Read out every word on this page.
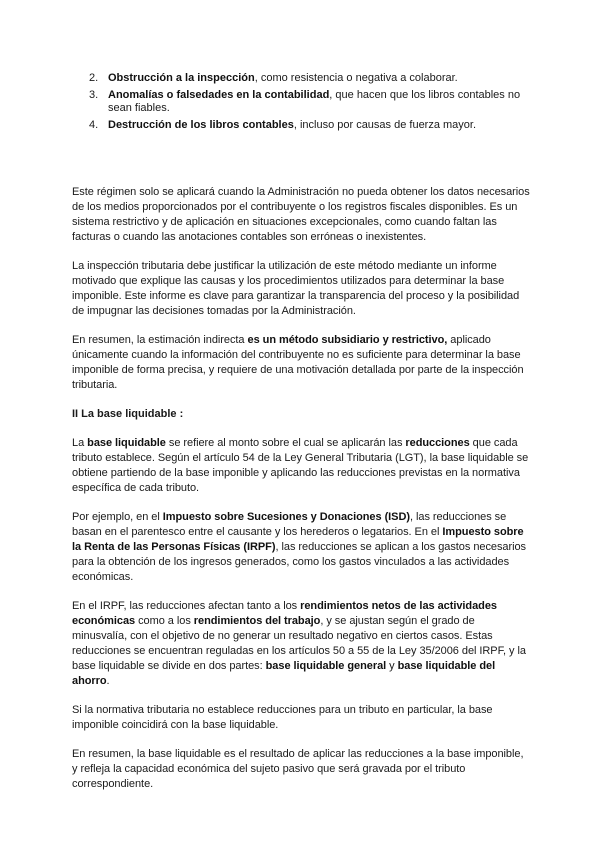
2. Obstrucción a la inspección, como resistencia o negativa a colaborar.
3. Anomalías o falsedades en la contabilidad, que hacen que los libros contables no sean fiables.
4. Destrucción de los libros contables, incluso por causas de fuerza mayor.

Este régimen solo se aplicará cuando la Administración no pueda obtener los datos necesarios de los medios proporcionados por el contribuyente o los registros fiscales disponibles. Es un sistema restrictivo y de aplicación en situaciones excepcionales, como cuando faltan las facturas o cuando las anotaciones contables son erróneas o inexistentes.

La inspección tributaria debe justificar la utilización de este método mediante un informe motivado que explique las causas y los procedimientos utilizados para determinar la base imponible. Este informe es clave para garantizar la transparencia del proceso y la posibilidad de impugnar las decisiones tomadas por la Administración.

En resumen, la estimación indirecta es un método subsidiario y restrictivo, aplicado únicamente cuando la información del contribuyente no es suficiente para determinar la base imponible de forma precisa, y requiere de una motivación detallada por parte de la inspección tributaria.

II La base liquidable :

La base liquidable se refiere al monto sobre el cual se aplicarán las reducciones que cada tributo establece. Según el artículo 54 de la Ley General Tributaria (LGT), la base liquidable se obtiene partiendo de la base imponible y aplicando las reducciones previstas en la normativa específica de cada tributo.

Por ejemplo, en el Impuesto sobre Sucesiones y Donaciones (ISD), las reducciones se basan en el parentesco entre el causante y los herederos o legatarios. En el Impuesto sobre la Renta de las Personas Físicas (IRPF), las reducciones se aplican a los gastos necesarios para la obtención de los ingresos generados, como los gastos vinculados a las actividades económicas.

En el IRPF, las reducciones afectan tanto a los rendimientos netos de las actividades económicas como a los rendimientos del trabajo, y se ajustan según el grado de minusvalía, con el objetivo de no generar un resultado negativo en ciertos casos. Estas reducciones se encuentran reguladas en los artículos 50 a 55 de la Ley 35/2006 del IRPF, y la base liquidable se divide en dos partes: base liquidable general y base liquidable del ahorro.

Si la normativa tributaria no establece reducciones para un tributo en particular, la base imponible coincidirá con la base liquidable.

En resumen, la base liquidable es el resultado de aplicar las reducciones a la base imponible, y refleja la capacidad económica del sujeto pasivo que será gravada por el tributo correspondiente.
